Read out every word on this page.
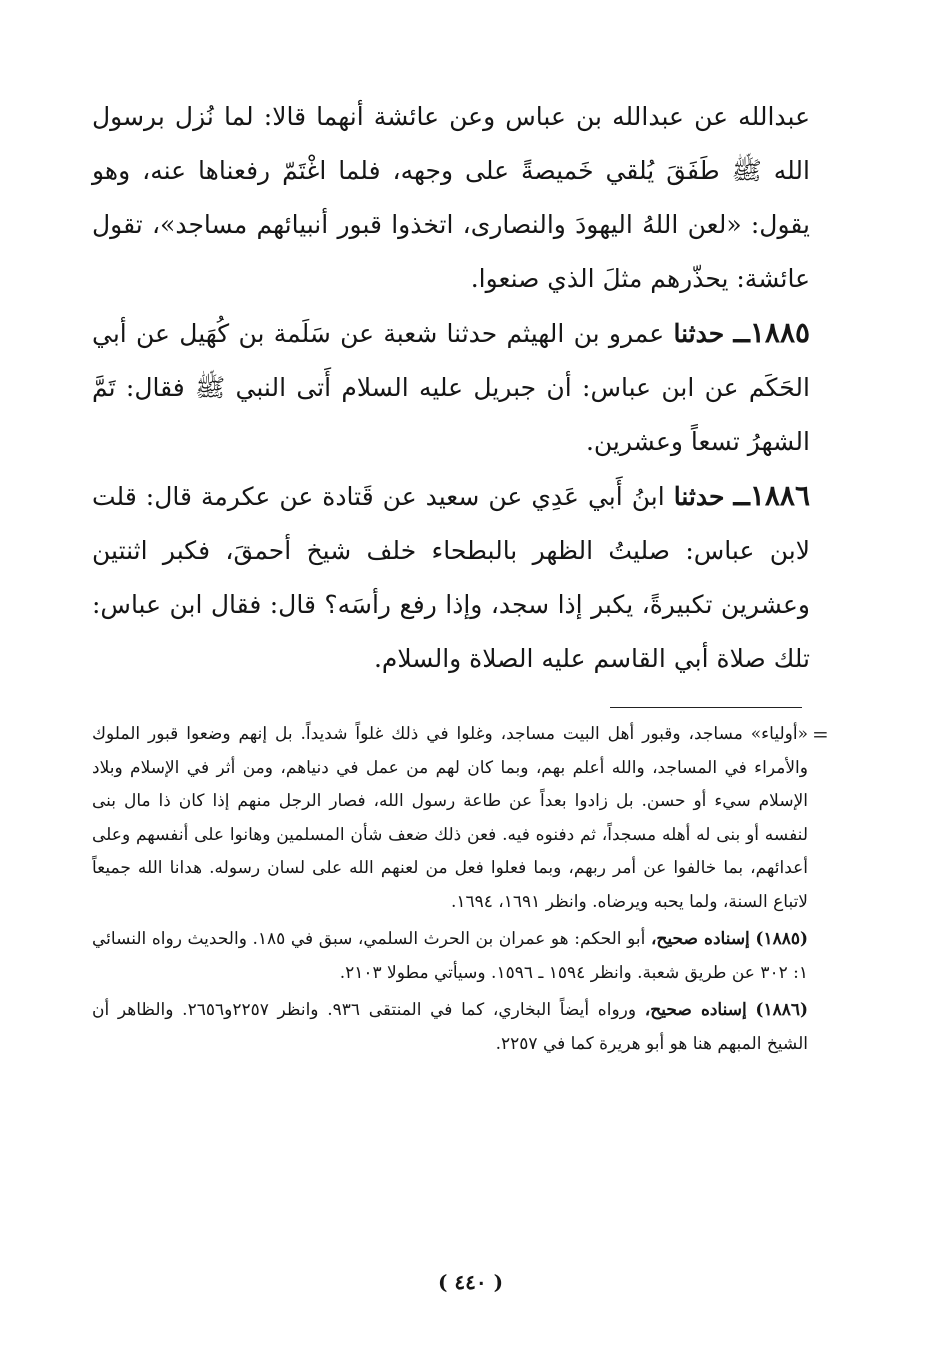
عبدالله عن عبدالله بن عباس وعن عائشة أنهما قالا: لما نُزل برسول الله ﷺ طَفَقَ يُلقي خَميصةً على وجهه، فلما اغْتَمّ رفعناها عنه، وهو يقول: «لعن اللهُ اليهودَ والنصارى، اتخذوا قبور أنبيائهم مساجد»، تقول عائشة: يحذّرهم مثلَ الذي صنعوا.

١٨٨٥ــ حدثنا عمرو بن الهيثم حدثنا شعبة عن سَلَمة بن كُهَيل عن أبي الحَكَم عن ابن عباس: أن جبريل عليه السلام أَتى النبي ﷺ فقال: تَمَّ الشهرُ تسعاً وعشرين.

١٨٨٦ــ حدثنا ابنُ أَبي عَدِي عن سعيد عن قَتادة عن عكرمة قال: قلت لابن عباس: صليتُ الظهر بالبطحاء خلف شيخ أحمقَ، فكبر اثنتين وعشرين تكبيرةً، يكبر إذا سجد، وإذا رفع رأسَه؟ قال: فقال ابن عباس: تلك صلاة أبي القاسم عليه الصلاة والسلام.

=

«أولياء» مساجد، وقبور أهل البيت مساجد، وغلوا في ذلك غلواً شديداً. بل إنهم وضعوا قبور الملوك والأمراء في المساجد، والله أعلم بهم، وبما كان لهم من عمل في دنياهم، ومن أثر في الإسلام وبلاد الإسلام سيء أو حسن. بل زادوا بعداً عن طاعة رسول الله، فصار الرجل منهم إذا كان ذا مال بنى لنفسه أو بنى له أهله مسجداً، ثم دفنوه فيه. فعن ذلك ضعف شأن المسلمين وهانوا على أنفسهم وعلى أعدائهم، بما خالفوا عن أمر ربهم، وبما فعلوا فعل من لعنهم الله على لسان رسوله. هدانا الله جميعاً لاتباع السنة، ولما يحبه ويرضاه. وانظر ١٦٩١، ١٦٩٤.

(١٨٨٥) إسناده صحيح، أبو الحكم: هو عمران بن الحرث السلمي، سبق في ١٨٥. والحديث رواه النسائي ١: ٣٠٢ عن طريق شعبة. وانظر ١٥٩٤ ـ ١٥٩٦. وسيأتي مطولا ٢١٠٣.

(١٨٨٦) إسناده صحيح، ورواه أيضاً البخاري، كما في المنتقى ٩٣٦. وانظر ٢٢٥٧و٢٦٥٦. والظاهر أن الشيخ المبهم هنا هو أبو هريرة كما في ٢٢٥٧.

( ٤٤٠ )
